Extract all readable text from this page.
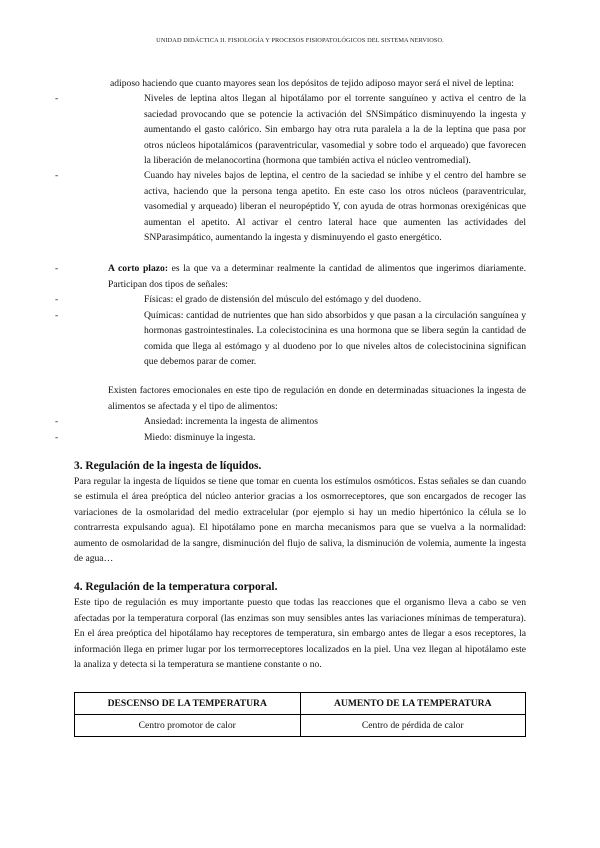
UNIDAD DIDÁCTICA II. FISIOLOGÍA Y PROCESOS FISIOPATOLÓGICOS DEL SISTEMA NERVIOSO.

adiposo haciendo que cuanto mayores sean los depósitos de tejido adiposo mayor será el nivel de leptina:

-	Niveles de leptina altos llegan al hipotálamo por el torrente sanguíneo y activa el centro de la saciedad provocando que se potencie la activación del SNSimpático disminuyendo la ingesta y aumentando el gasto calórico. Sin embargo hay otra ruta paralela a la de la leptina que pasa por otros núcleos hipotalámicos (paraventricular, vasomedial y sobre todo el arqueado) que favorecen la liberación de melanocortina (hormona que también activa el núcleo ventromedial).
-	Cuando hay niveles bajos de leptina, el centro de la saciedad se inhibe y el centro del hambre se activa, haciendo que la persona tenga apetito. En este caso los otros núcleos (paraventricular, vasomedial y arqueado) liberan el neuropéptido Y, con ayuda de otras hormonas orexigénicas que aumentan el apetito. Al activar el centro lateral hace que aumenten las actividades del SNParasimpático, aumentando la ingesta y disminuyendo el gasto energético.
-	A corto plazo: es la que va a determinar realmente la cantidad de alimentos que ingerimos diariamente. Participan dos tipos de señales:
-	Físicas: el grado de distensión del músculo del estómago y del duodeno.
-	Químicas: cantidad de nutrientes que han sido absorbidos y que pasan a la circulación sanguínea y hormonas gastrointestinales. La colecistocinina es una hormona que se libera según la cantidad de comida que llega al estómago y al duodeno por lo que niveles altos de colecistocinina significan que debemos parar de comer.

Existen factores emocionales en este tipo de regulación en donde en determinadas situaciones la ingesta de alimentos se afectada y el tipo de alimentos:

-	Ansiedad: incrementa la ingesta de alimentos
-	Miedo: disminuye la ingesta.
3. Regulación de la ingesta de líquidos.

Para regular la ingesta de líquidos se tiene que tomar en cuenta los estímulos osmóticos. Estas señales se dan cuando se estimula el área preóptica del núcleo anterior gracias a los osmorreceptores, que son encargados de recoger las variaciones de la osmolaridad del medio extracelular (por ejemplo si hay un medio hipertónico la célula se lo contrarresta expulsando agua). El hipotálamo pone en marcha mecanismos para que se vuelva a la normalidad: aumento de osmolaridad de la sangre, disminución del flujo de saliva, la disminución de volemia, aumente la ingesta de agua…

4. Regulación de la temperatura corporal.

Este tipo de regulación es muy importante puesto que todas las reacciones que el organismo lleva a cabo se ven afectadas por la temperatura corporal (las enzimas son muy sensibles antes las variaciones mínimas de temperatura). En el área preóptica del hipotálamo hay receptores de temperatura, sin embargo antes de llegar a esos receptores, la información llega en primer lugar por los termorreceptores localizados en la piel. Una vez llegan al hipotálamo este la analiza y detecta si la temperatura se mantiene constante o no.

DESCENSO DE LA TEMPERATURA	AUMENTO DE LA TEMPERATURA
Centro promotor de calor	Centro de pérdida de calor
